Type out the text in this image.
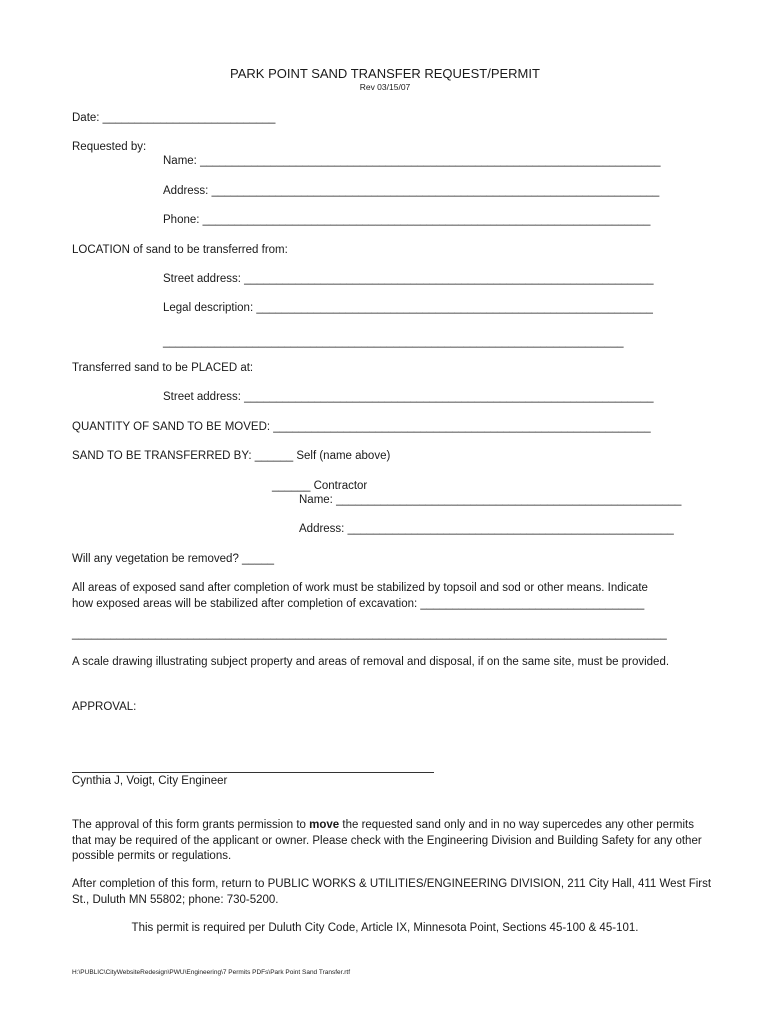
PARK POINT SAND TRANSFER REQUEST/PERMIT
Rev 03/15/07
Date: ___________________________
Requested by:
Name: ________________________________________________________________________
Address: ______________________________________________________________________
Phone: ______________________________________________________________________
LOCATION of sand to be transferred from:
Street address: ________________________________________________________________
Legal description: ______________________________________________________________
________________________________________________________________________
Transferred sand to be PLACED at:
Street address: ________________________________________________________________
QUANTITY OF SAND TO BE MOVED: ___________________________________________________________
SAND TO BE TRANSFERRED BY: ______ Self (name above)
______ Contractor
Name: ______________________________________________________
Address: ___________________________________________________
Will any vegetation be removed? _____
All areas of exposed sand after completion of work must be stabilized by topsoil and sod or other means. Indicate
how exposed areas will be stabilized after completion of excavation: ___________________________________
_____________________________________________________________________________________________
A scale drawing illustrating subject property and areas of removal and disposal, if on the same site, must be provided.
APPROVAL:
Cynthia J, Voigt, City Engineer
The approval of this form grants permission to move the requested sand only and in no way supercedes any other permits that may be required of the applicant or owner. Please check with the Engineering Division and Building Safety for any other possible permits or regulations.
After completion of this form, return to PUBLIC WORKS & UTILITIES/ENGINEERING DIVISION, 211 City Hall, 411 West First St., Duluth MN 55802; phone: 730-5200.
This permit is required per Duluth City Code, Article IX, Minnesota Point, Sections 45-100 & 45-101.
H:\PUBLIC\CityWebsiteRedesign\PWU\Engineering\7 Permits PDFs\Park Point Sand Transfer.rtf
